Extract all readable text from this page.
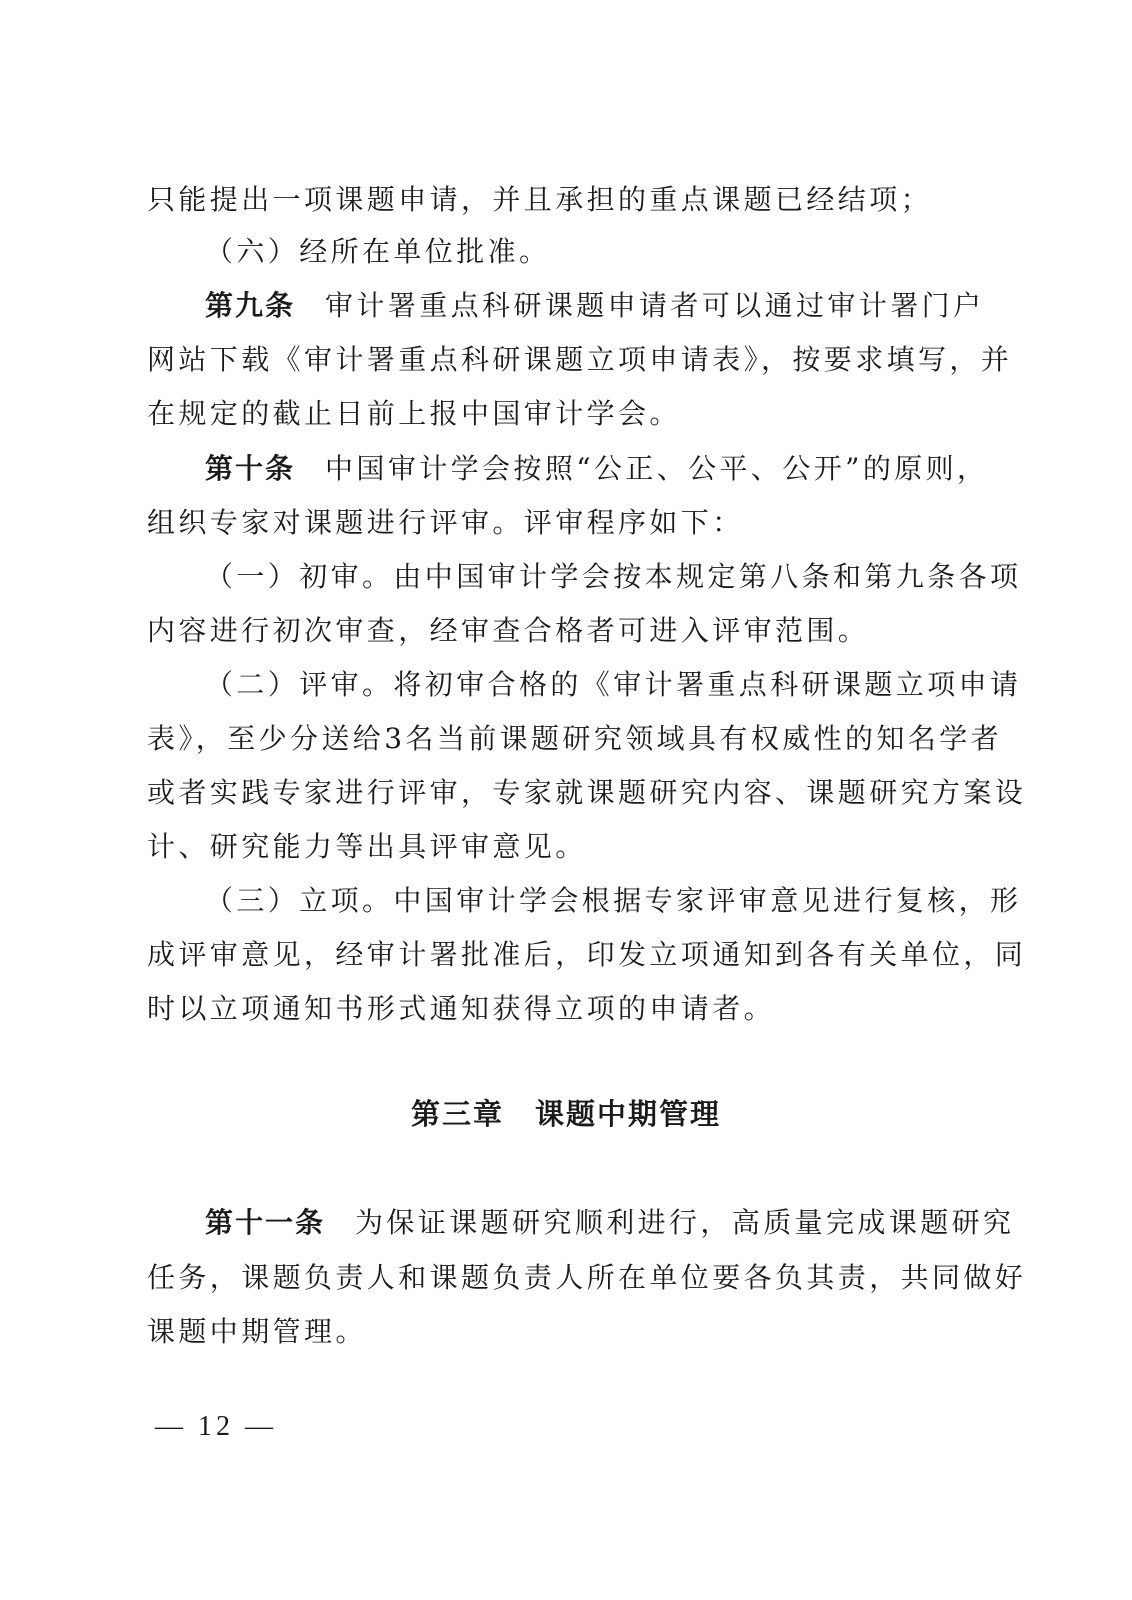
只能提出一项课题申请，并且承担的重点课题已经结项；
（六）经所在单位批准。
第九条 审计署重点科研课题申请者可以通过审计署门户
网站下载《审计署重点科研课题立项申请表》，按要求填写，并
在规定的截止日前上报中国审计学会。
第十条 中国审计学会按照“公正、公平、公开”的原则，
组织专家对课题进行评审。评审程序如下：
（一）初审。由中国审计学会按本规定第八条和第九条各项
内容进行初次审查，经审查合格者可进入评审范围。
（二）评审。将初审合格的《审计署重点科研课题立项申请
表》，至少分送给3名当前课题研究领域具有权威性的知名学者
或者实践专家进行评审，专家就课题研究内容、课题研究方案设
计、研究能力等出具评审意见。
（三）立项。中国审计学会根据专家评审意见进行复核，形
成评审意见，经审计署批准后，印发立项通知到各有关单位，同
时以立项通知书形式通知获得立项的申请者。
第三章　课题中期管理
第十一条 为保证课题研究顺利进行，高质量完成课题研究
任务，课题负责人和课题负责人所在单位要各负其责，共同做好
课题中期管理。
— 12 —
